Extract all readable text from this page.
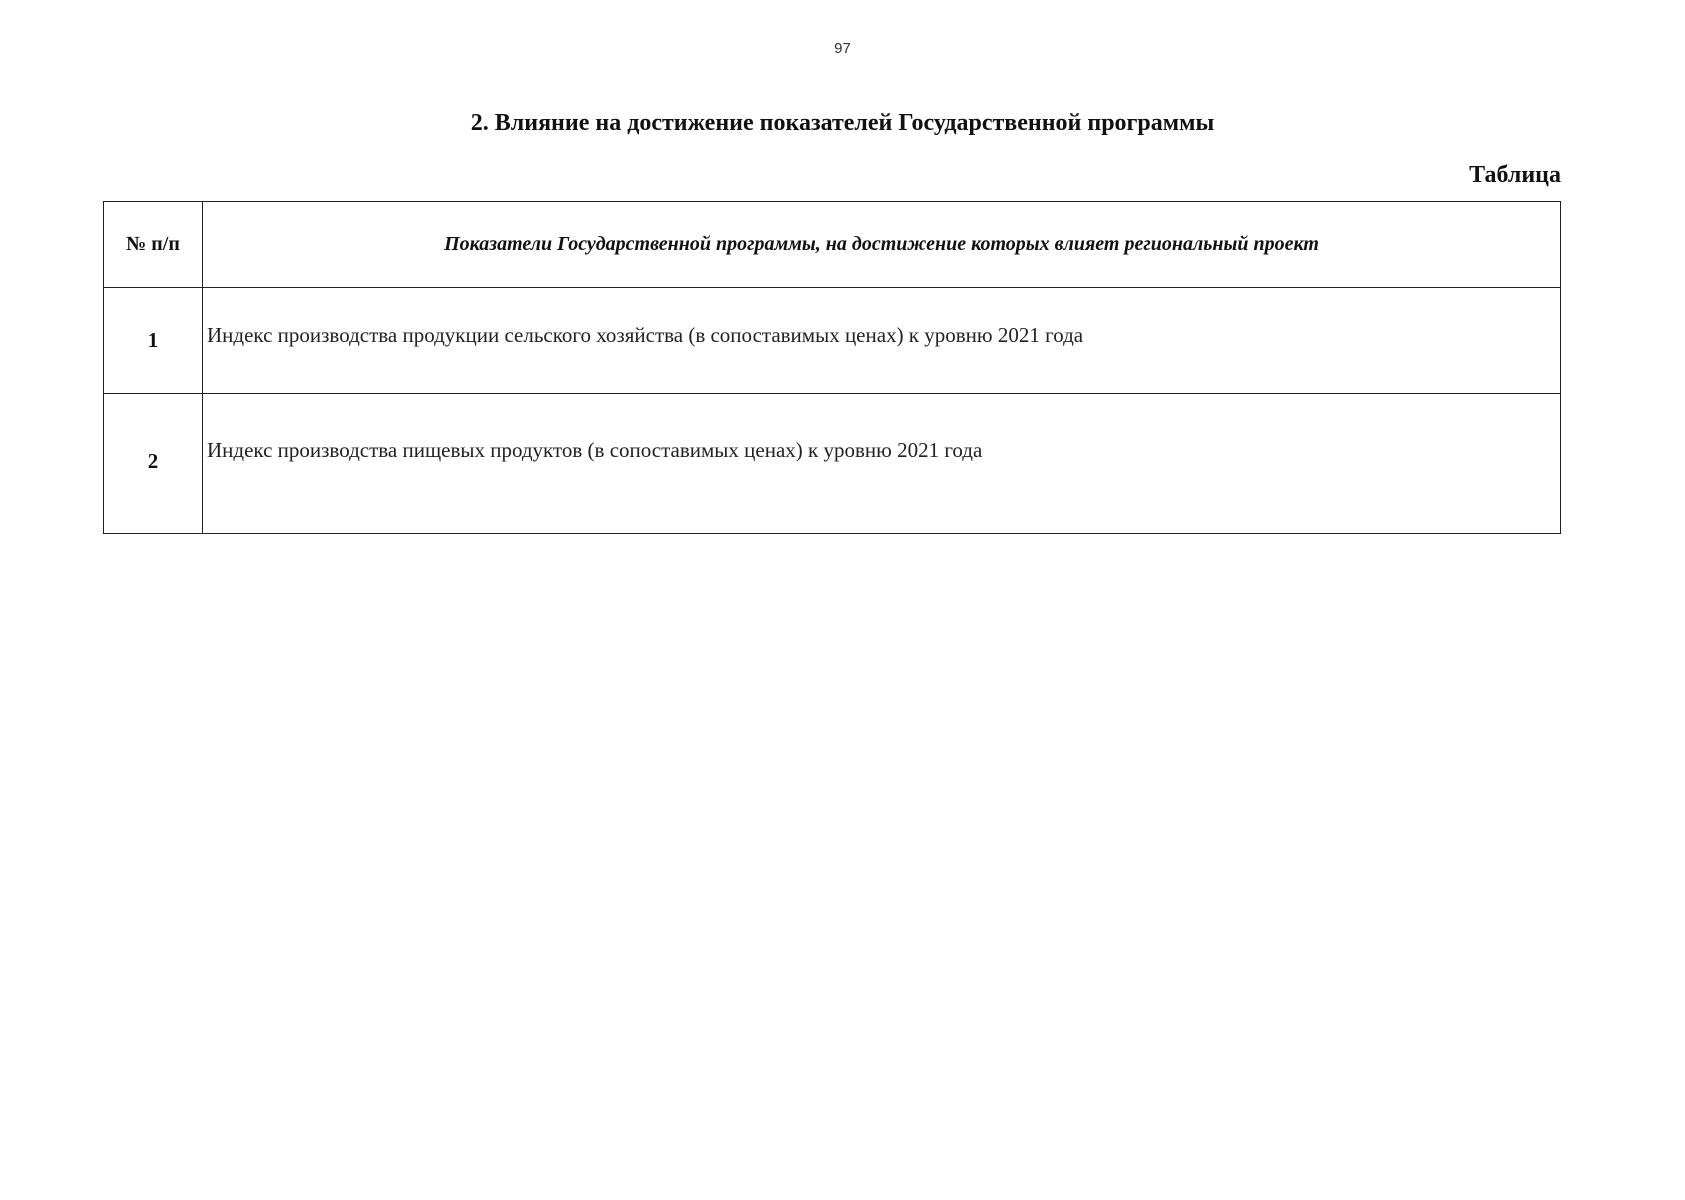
97
2. Влияние на достижение показателей Государственной программы
Таблица
№ п/п	Показатели Государственной программы, на достижение которых влияет региональный проект
1	Индекс производства продукции сельского хозяйства (в сопоставимых ценах) к уровню 2021 года
2	Индекс производства пищевых продуктов (в сопоставимых ценах) к уровню 2021 года
